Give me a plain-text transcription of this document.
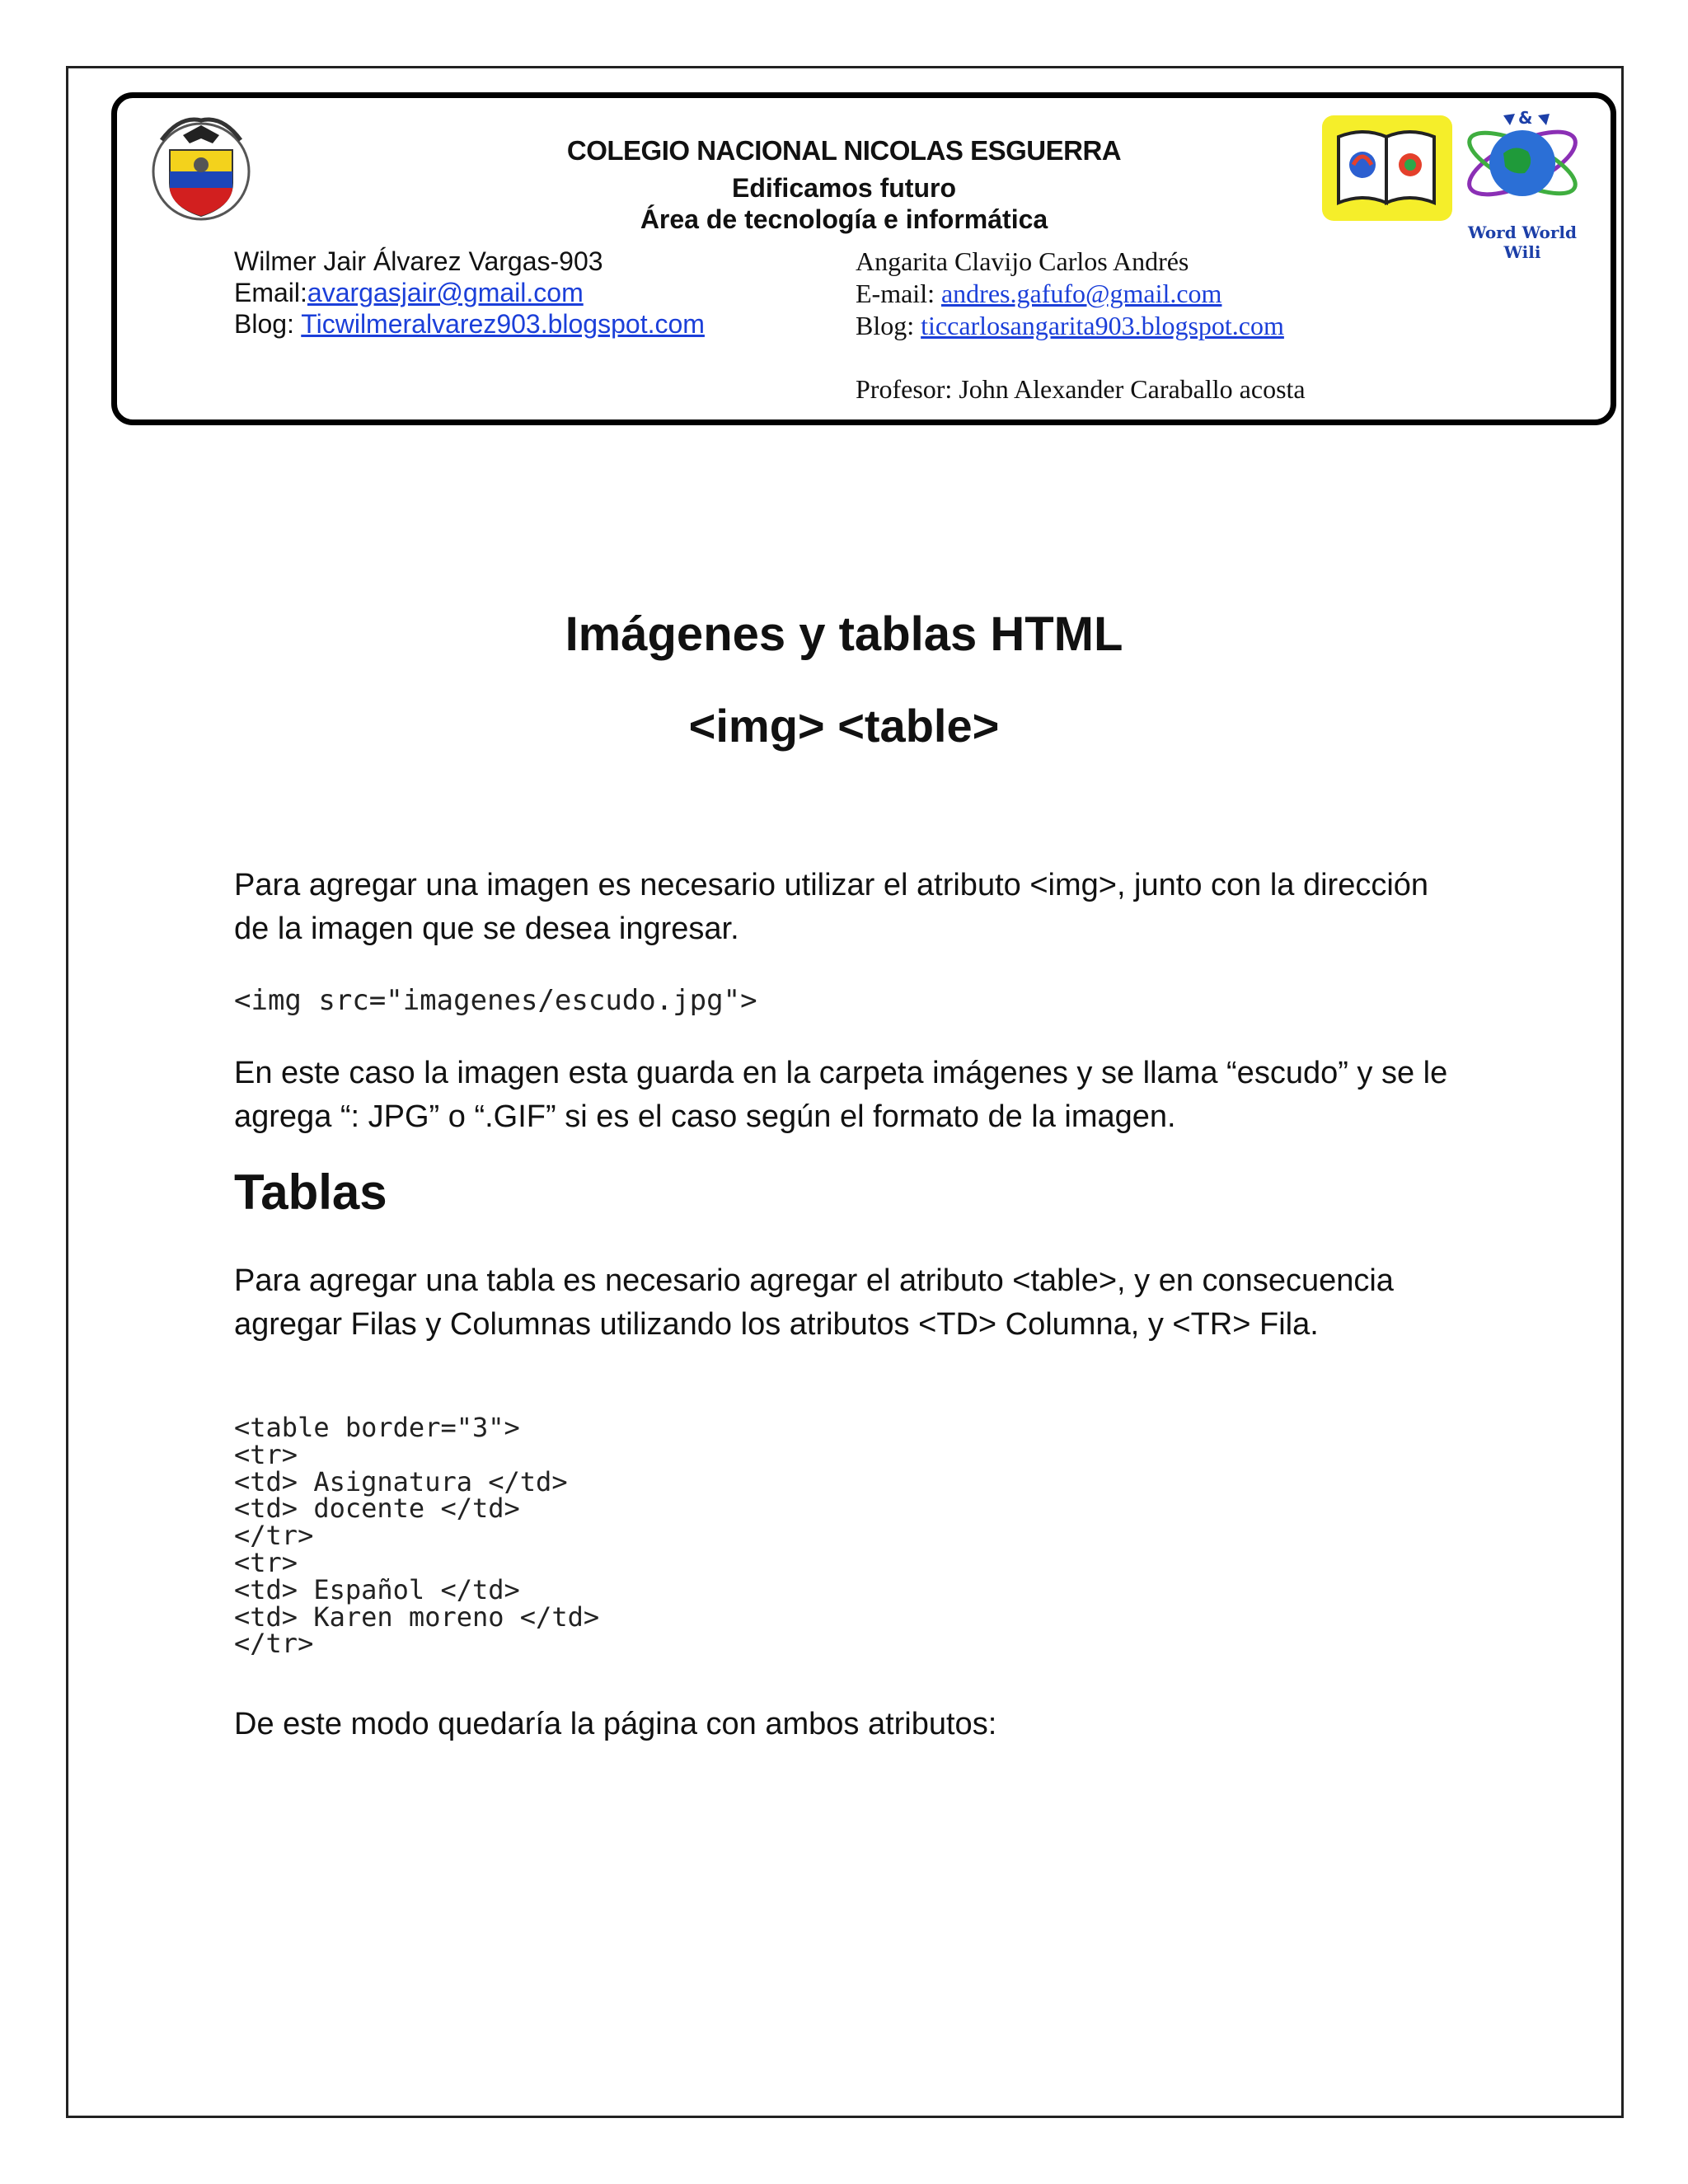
&
Word World Wili
COLEGIO NACIONAL NICOLAS ESGUERRA
Edificamos futuro
Área de tecnología e informática
Wilmer Jair Álvarez Vargas-903
Email:avargasjair@gmail.com
Blog: Ticwilmeralvarez903.blogspot.com
Angarita Clavijo Carlos Andrés
E-mail: andres.gafufo@gmail.com
Blog: ticcarlosangarita903.blogspot.com
Profesor: John Alexander Caraballo acosta
Imágenes y tablas HTML
<img> <table>
Para agregar una imagen es necesario utilizar el atributo <img>, junto con la dirección de la imagen que se desea ingresar.
<img src="imagenes/escudo.jpg">
En este caso la imagen esta guarda en la carpeta imágenes y se llama “escudo” y se le agrega “: JPG” o “.GIF” si es el caso según el formato de la imagen.
Tablas
Para agregar una tabla es necesario agregar el atributo <table>, y en consecuencia agregar Filas y Columnas utilizando los atributos <TD> Columna, y <TR> Fila.
<table border="3">
<tr>
<td> Asignatura </td>
<td> docente </td>
</tr>
<tr>
<td> Español </td>
<td> Karen moreno </td>
</tr>
De este modo quedaría la página con ambos atributos:
